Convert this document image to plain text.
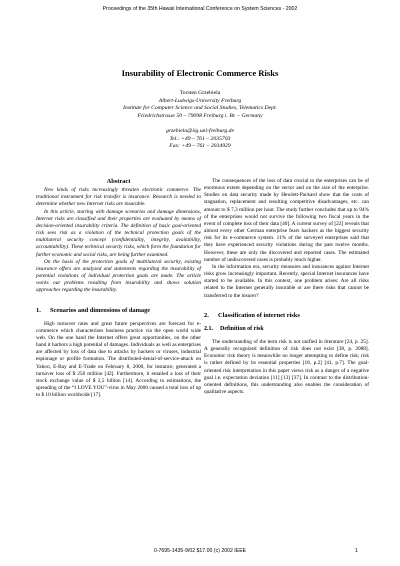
Proceedings of the 35th Hawaii International Conference on System Sciences - 2002
Insurability of Electronic Commerce Risks
Torsten Grzebiela
Albert-Ludwigs-University Freiburg
Institute for Computer Science and Social Studies, Telematics Dept.
Friedrichstrasse 50 – 79098 Freiburg i. Br. – Germany
grzebiela@iig.uni-freiburg.de
Tel.: +49 – 761 – 2035703
Fax: +49 – 761 – 2034929
Abstract

New kinds of risks increasingly threaten electronic commerce. The traditional instrument for risk transfer is insurance. Research is needed to determine whether new Internet risks are insurable.

In this article, starting with damage scenarios and damage dimensions, Internet risks are classified and their properties are evaluated by means of decision-oriented insurability criteria. The definition of basic goal-oriented risk sees risk as a violation of the technical protection goals of the multilateral security concept (confidentiality, integrity, availability, accountability). These technical security risks, which form the foundation for further economic and social risks, are being further examined.

On the basis of the protection goals of multilateral security, existing insurance offers are analysed and statements regarding the insurability of potential violations of individual protection goals are made. The article works out problems resulting from insurability and shows solution approaches regarding the insurability.

1. Scenarios and dimensions of damage

High turnover rates and great future perspectives are forecast for e-commerce which characterizes business practice via the open world wide web. On the one hand the Internet offers great opportunities, on the other hand it harbors a high potential of damages. Individuals as well as enterprises are affected by loss of data due to attacks by hackers or viruses, industrial espionage or profile formation. The distributed-denial-of-service-attack on Yahoo, E-Bay and E-Trade on February 8, 2000, for instance, generated a turnover loss of $ 250 million [42]. Furthermore, it entailed a loss of their stock exchange value of $ 2,5 billion [14]. According to estimations, the spreading of the “I LOVE YOU”-virus in May 2000 caused a total loss of up to $ 10 billion worldwide [17].

The consequences of the loss of data crucial to the enterprises can be of enormous extent depending on the sector and on the size of the enterprise. Studies on data security made by Hewlett-Packard show that the costs of stagnation, replacement and resulting competitive disadvantages, etc. can amount to $ 7,3 million per hour. The study further concludes that up to 94% of the enterprises would not survive the following two fiscal years in the event of complete loss of their data [40]. A current survey of [22] reveals that almost every other German enterprise fears hackers as the biggest security risk for its e-commerce system. 11% of the surveyed enterprises said that they have experienced security violations during the past twelve months. However, these are only the discovered and reported cases. The estimated number of undiscovered cases is probably much higher.

In the information era, security measures and insurances against Internet risks grow increasingly important. Recently, special Internet insurances have started to be available. In this context, one problem arises: Are all risks related to the Internet generally insurable or are there risks that cannot be transferred to the insurer?

2. Classification of internet risks
2.1. Definition of risk

The understanding of the term risk is not unified in literature [24, p. 25]. A generally recognized definition of risk does not exist [38, p. 2088]. Economic risk theory is meanwhile no longer attempting to define risk; risk is rather defined by its essential properties [18, p.2] [41, p.7]. The goal-oriented risk interpretation in this paper views risk as a danger of a negative goal i.e. expectation deviation [11] [13] [37]. In contrast to the distribution-oriented definitions, this understanding also enables the consideration of qualitative aspects.

0-7695-1435-9/02 $17.00 (c) 2002 IEEE	1
